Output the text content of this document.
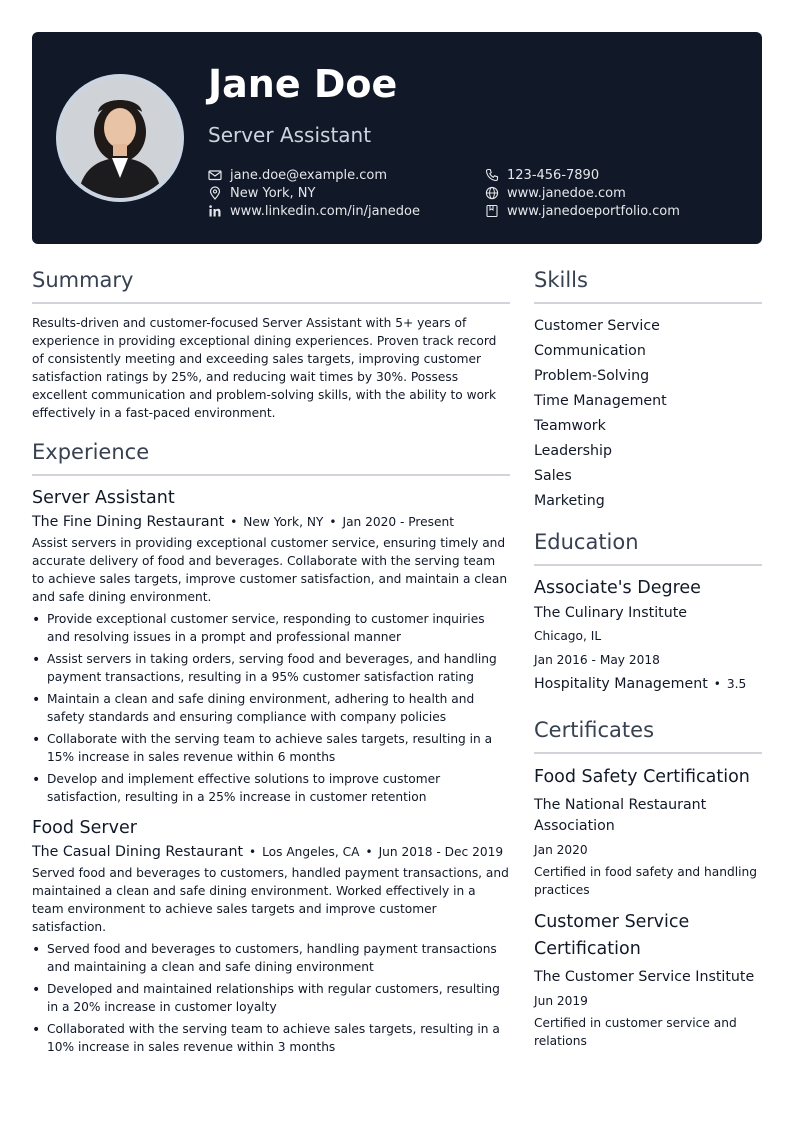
Jane Doe
Server Assistant
jane.doe@example.com
New York, NY
www.linkedin.com/in/janedoe
123-456-7890
www.janedoe.com
www.janedoeportfolio.com
Summary

Results-driven and customer-focused Server Assistant with 5+ years of experience in providing exceptional dining experiences. Proven track record of consistently meeting and exceeding sales targets, improving customer satisfaction ratings by 25%, and reducing wait times by 30%. Possess excellent communication and problem-solving skills, with the ability to work effectively in a fast-paced environment.

Experience
Server Assistant
The Fine Dining Restaurant • New York, NY • Jan 2020 - Present

Assist servers in providing exceptional customer service, ensuring timely and accurate delivery of food and beverages. Collaborate with the serving team to achieve sales targets, improve customer satisfaction, and maintain a clean and safe dining environment.

• Provide exceptional customer service, responding to customer inquiries and resolving issues in a prompt and professional manner
• Assist servers in taking orders, serving food and beverages, and handling payment transactions, resulting in a 95% customer satisfaction rating
• Maintain a clean and safe dining environment, adhering to health and safety standards and ensuring compliance with company policies
• Collaborate with the serving team to achieve sales targets, resulting in a 15% increase in sales revenue within 6 months
• Develop and implement effective solutions to improve customer satisfaction, resulting in a 25% increase in customer retention
Food Server
The Casual Dining Restaurant • Los Angeles, CA • Jun 2018 - Dec 2019

Served food and beverages to customers, handled payment transactions, and maintained a clean and safe dining environment. Worked effectively in a team environment to achieve sales targets and improve customer satisfaction.

• Served food and beverages to customers, handling payment transactions and maintaining a clean and safe dining environment
• Developed and maintained relationships with regular customers, resulting in a 20% increase in customer loyalty
• Collaborated with the serving team to achieve sales targets, resulting in a 10% increase in sales revenue within 3 months
Skills
Customer Service
Communication
Problem-Solving
Time Management
Teamwork
Leadership
Sales
Marketing
Education
Associate's Degree
The Culinary Institute
Chicago, IL
Jan 2016 - May 2018
Hospitality Management • 3.5
Certificates
Food Safety Certification
The National Restaurant Association
Jan 2020
Certified in food safety and handling practices
Customer Service Certification
The Customer Service Institute
Jun 2019
Certified in customer service and relations
